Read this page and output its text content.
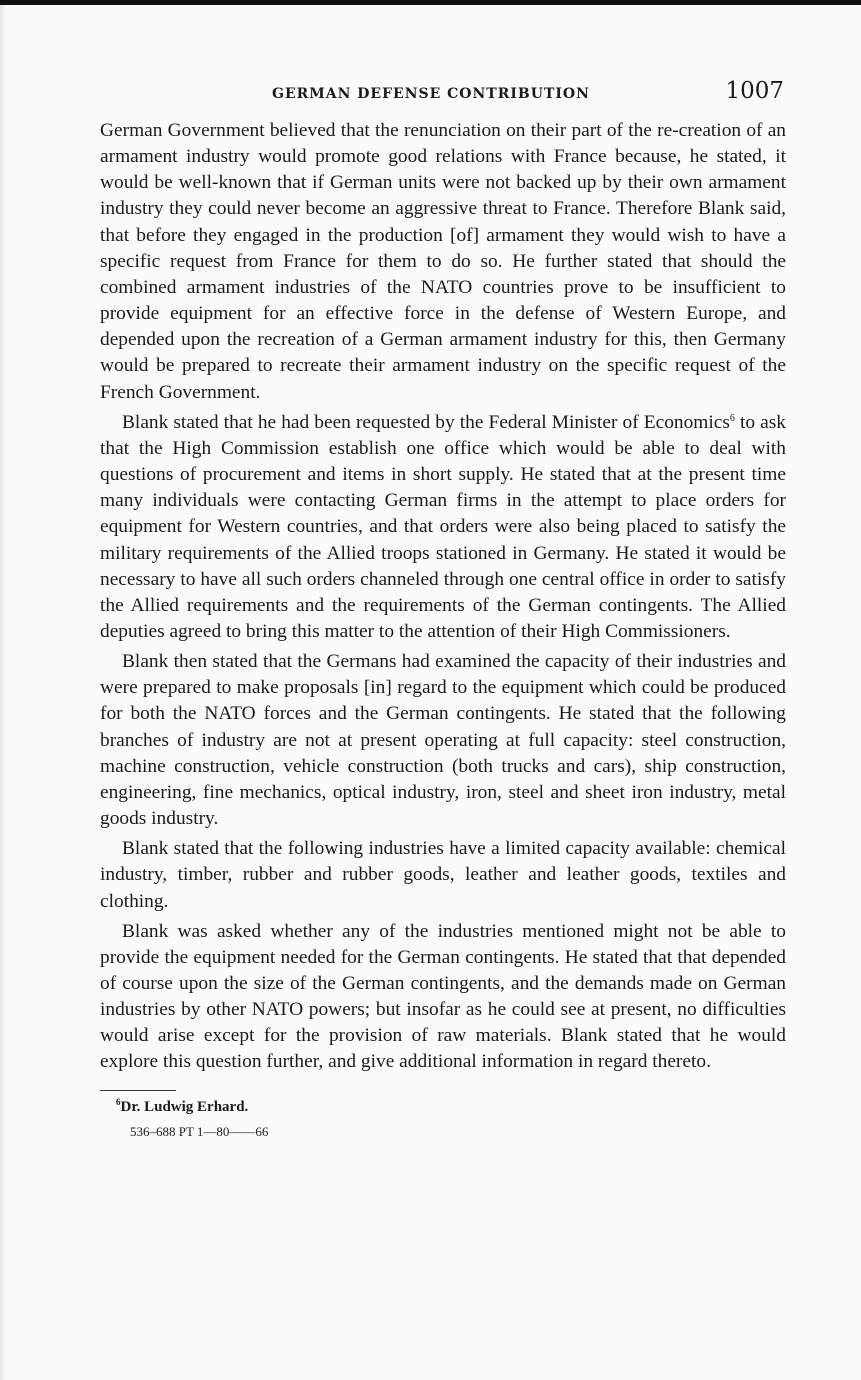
GERMAN DEFENSE CONTRIBUTION	1007

German Government believed that the renunciation on their part of the re-creation of an armament industry would promote good relations with France because, he stated, it would be well-known that if German units were not backed up by their own armament industry they could never become an aggressive threat to France. Therefore Blank said, that before they engaged in the production [of] armament they would wish to have a specific request from France for them to do so. He further stated that should the combined armament industries of the NATO countries prove to be insufficient to provide equipment for an effective force in the defense of Western Europe, and depended upon the recreation of a German armament industry for this, then Germany would be prepared to recreate their armament industry on the specific request of the French Government.

Blank stated that he had been requested by the Federal Minister of Economics$^6$ to ask that the High Commission establish one office which would be able to deal with questions of procurement and items in short supply. He stated that at the present time many individuals were contacting German firms in the attempt to place orders for equipment for Western countries, and that orders were also being placed to satisfy the military requirements of the Allied troops stationed in Germany. He stated it would be necessary to have all such orders channeled through one central office in order to satisfy the Allied requirements and the requirements of the German contingents. The Allied deputies agreed to bring this matter to the attention of their High Commissioners.

Blank then stated that the Germans had examined the capacity of their industries and were prepared to make proposals [in] regard to the equipment which could be produced for both the NATO forces and the German contingents. He stated that the following branches of industry are not at present operating at full capacity: steel construction, machine construction, vehicle construction (both trucks and cars), ship construction, engineering, fine mechanics, optical industry, iron, steel and sheet iron industry, metal goods industry.

Blank stated that the following industries have a limited capacity available: chemical industry, timber, rubber and rubber goods, leather and leather goods, textiles and clothing.

Blank was asked whether any of the industries mentioned might not be able to provide the equipment needed for the German contingents. He stated that that depended of course upon the size of the German contingents, and the demands made on German industries by other NATO powers; but insofar as he could see at present, no difficulties would arise except for the provision of raw materials. Blank stated that he would explore this question further, and give additional information in regard thereto.

$^6$Dr. Ludwig Erhard.
536–688 PT 1—80——66
